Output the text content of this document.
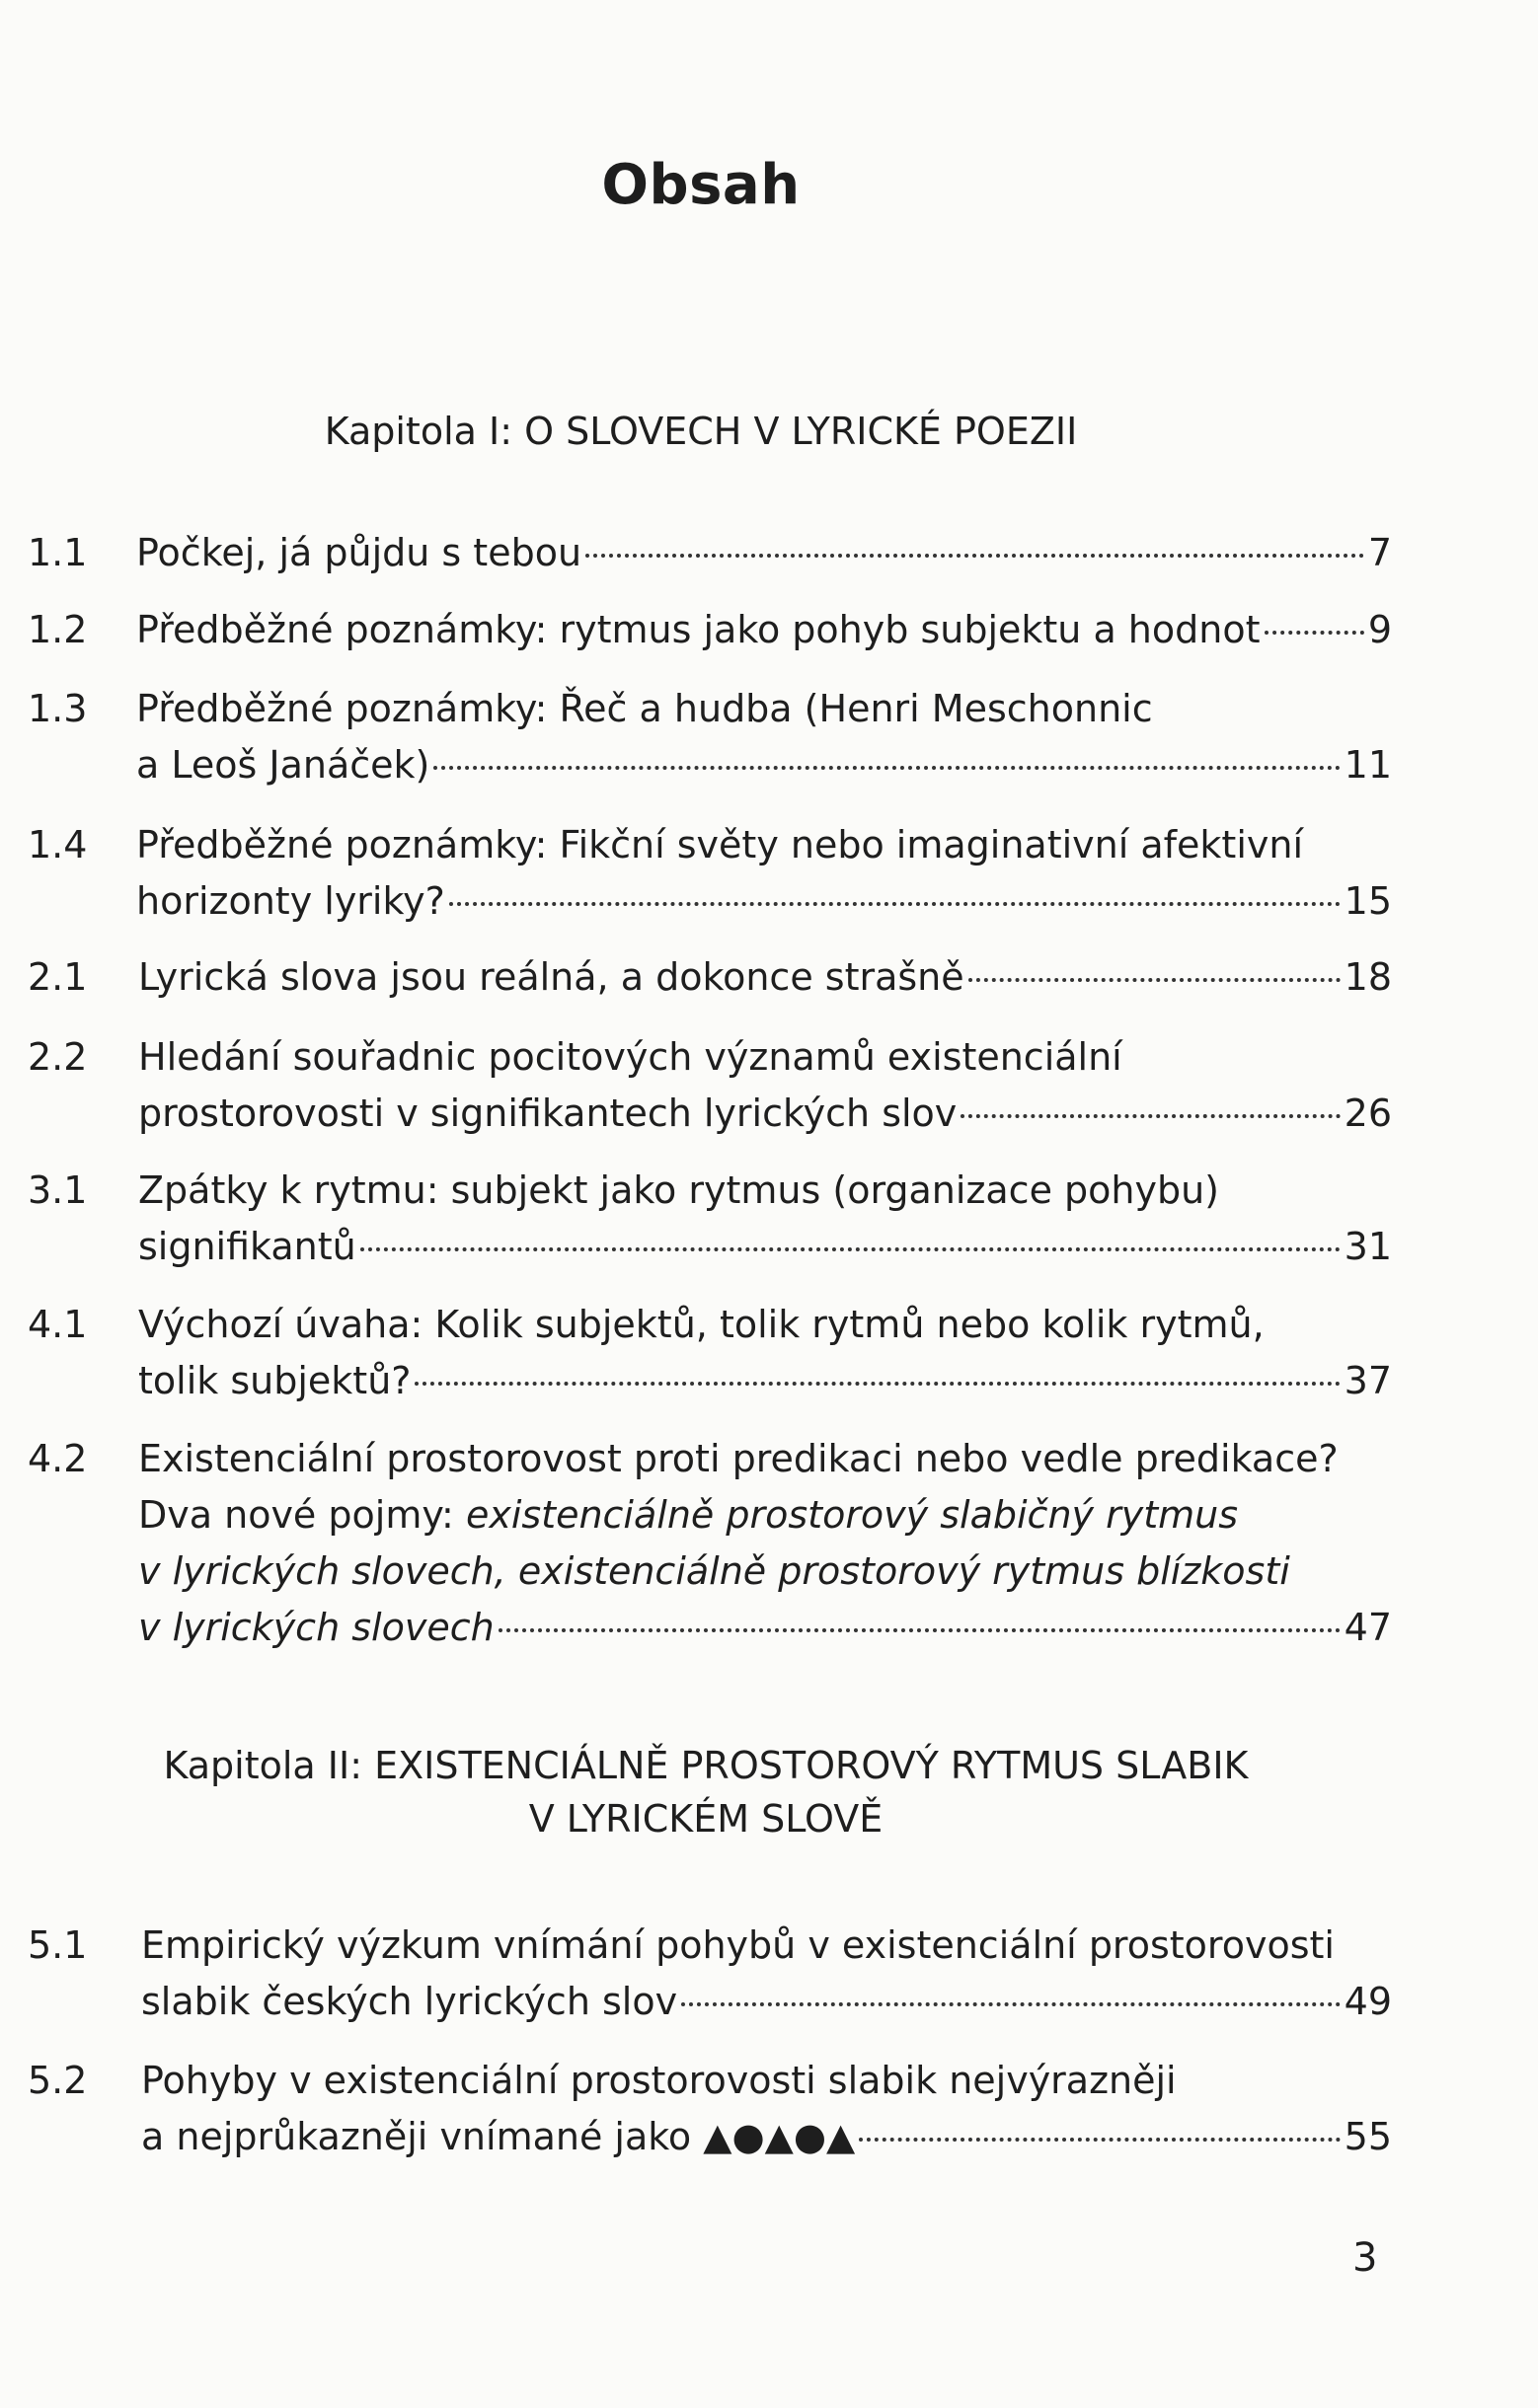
Obsah
Kapitola I: O SLOVECH V LYRICKÉ POEZII
1.1 Počkej, já půjdu s tebou	7
1.2 Předběžné poznámky: rytmus jako pohyb subjektu a hodnot	9
1.3 Předběžné poznámky: Řeč a hudba (Henri Meschonnic
a Leoš Janáček)	11
1.4 Předběžné poznámky: Fikční světy nebo imaginativní afektivní
horizonty lyriky?	15
2.1 Lyrická slova jsou reálná, a dokonce strašně	18
2.2 Hledání souřadnic pocitových významů existenciální
prostorovosti v signifikantech lyrických slov	26
3.1 Zpátky k rytmu: subjekt jako rytmus (organizace pohybu)
signifikantů	31
4.1 Výchozí úvaha: Kolik subjektů, tolik rytmů nebo kolik rytmů,
tolik subjektů?	37
4.2 Existenciální prostorovost proti predikaci nebo vedle predikace?
Dva nové pojmy: existenciálně prostorový slabičný rytmus
v lyrických slovech, existenciálně prostorový rytmus blízkosti
v lyrických slovech	47
Kapitola II: EXISTENCIÁLNĚ PROSTOROVÝ RYTMUS SLABIK
V LYRICKÉM SLOVĚ
5.1 Empirický výzkum vnímání pohybů v existenciální prostorovosti
slabik českých lyrických slov	49
5.2 Pohyby v existenciální prostorovosti slabik nejvýrazněji
a nejprůkazněji vnímané jako ▲●▲●▲	55
3
